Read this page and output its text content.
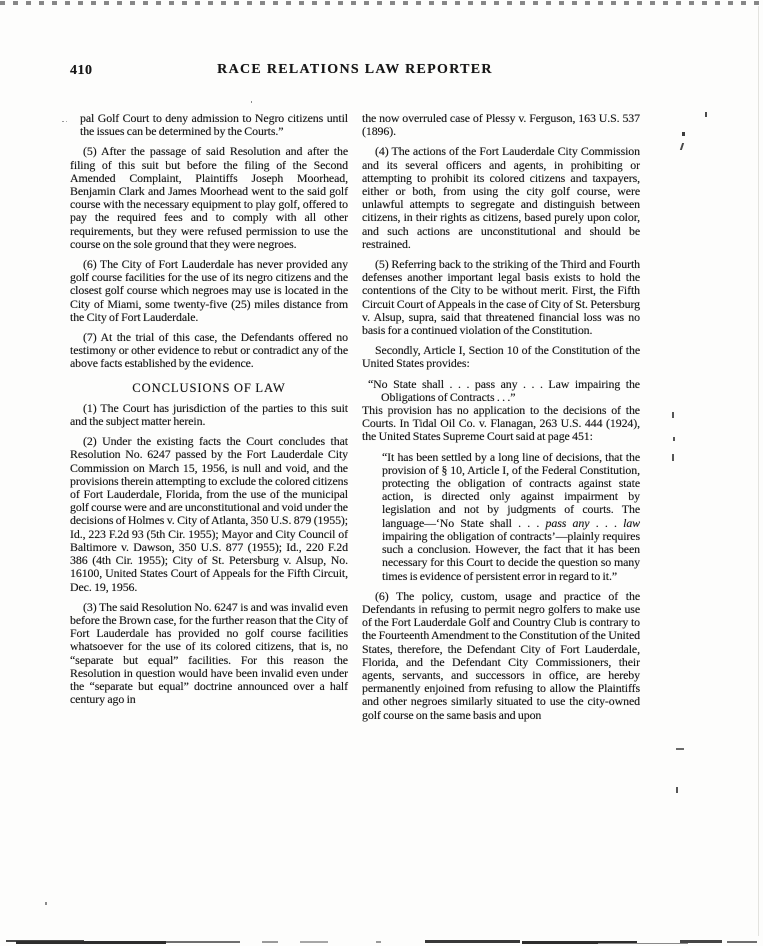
410	RACE RELATIONS LAW REPORTER

pal Golf Court to deny admission to Negro citizens until the issues can be determined by the Courts.”

(5) After the passage of said Resolution and after the filing of this suit but before the filing of the Second Amended Complaint, Plaintiffs Joseph Moorhead, Benjamin Clark and James Moorhead went to the said golf course with the necessary equipment to play golf, offered to pay the required fees and to comply with all other requirements, but they were refused permission to use the course on the sole ground that they were negroes.

(6) The City of Fort Lauderdale has never provided any golf course facilities for the use of its negro citizens and the closest golf course which negroes may use is located in the City of Miami, some twenty-five (25) miles distance from the City of Fort Lauderdale.

(7) At the trial of this case, the Defendants offered no testimony or other evidence to rebut or contradict any of the above facts established by the evidence.

CONCLUSIONS OF LAW

(1) The Court has jurisdiction of the parties to this suit and the subject matter herein.

(2) Under the existing facts the Court concludes that Resolution No. 6247 passed by the Fort Lauderdale City Commission on March 15, 1956, is null and void, and the provisions therein attempting to exclude the colored citizens of Fort Lauderdale, Florida, from the use of the municipal golf course were and are unconstitutional and void under the decisions of Holmes v. City of Atlanta, 350 U.S. 879 (1955); Id., 223 F.2d 93 (5th Cir. 1955); Mayor and City Council of Baltimore v. Dawson, 350 U.S. 877 (1955); Id., 220 F.2d 386 (4th Cir. 1955); City of St. Petersburg v. Alsup, No. 16100, United States Court of Appeals for the Fifth Circuit, Dec. 19, 1956.

(3) The said Resolution No. 6247 is and was invalid even before the Brown case, for the further reason that the City of Fort Lauderdale has provided no golf course facilities whatsoever for the use of its colored citizens, that is, no “separate but equal” facilities. For this reason the Resolution in question would have been invalid even under the “separate but equal” doctrine announced over a half century ago in

the now overruled case of Plessy v. Ferguson, 163 U.S. 537 (1896).

(4) The actions of the Fort Lauderdale City Commission and its several officers and agents, in prohibiting or attempting to prohibit its colored citizens and taxpayers, either or both, from using the city golf course, were unlawful attempts to segregate and distinguish between citizens, in their rights as citizens, based purely upon color, and such actions are unconstitutional and should be restrained.

(5) Referring back to the striking of the Third and Fourth defenses another important legal basis exists to hold the contentions of the City to be without merit. First, the Fifth Circuit Court of Appeals in the case of City of St. Petersburg v. Alsup, supra, said that threatened financial loss was no basis for a continued violation of the Constitution.

Secondly, Article I, Section 10 of the Constitution of the United States provides:

“No State shall . . . pass any . . . Law impairing the Obligations of Contracts . . .”

This provision has no application to the decisions of the Courts. In Tidal Oil Co. v. Flanagan, 263 U.S. 444 (1924), the United States Supreme Court said at page 451:

“It has been settled by a long line of decisions, that the provision of § 10, Article I, of the Federal Constitution, protecting the obligation of contracts against state action, is directed only against impairment by legislation and not by judgments of courts. The language—‘No State shall . . . pass any . . . law impairing the obligation of contracts’—plainly requires such a conclusion. However, the fact that it has been necessary for this Court to decide the question so many times is evidence of persistent error in regard to it.”

(6) The policy, custom, usage and practice of the Defendants in refusing to permit negro golfers to make use of the Fort Lauderdale Golf and Country Club is contrary to the Fourteenth Amendment to the Constitution of the United States, therefore, the Defendant City of Fort Lauderdale, Florida, and the Defendant City Commissioners, their agents, servants, and successors in office, are hereby permanently enjoined from refusing to allow the Plaintiffs and other negroes similarly situated to use the city-owned golf course on the same basis and upon
